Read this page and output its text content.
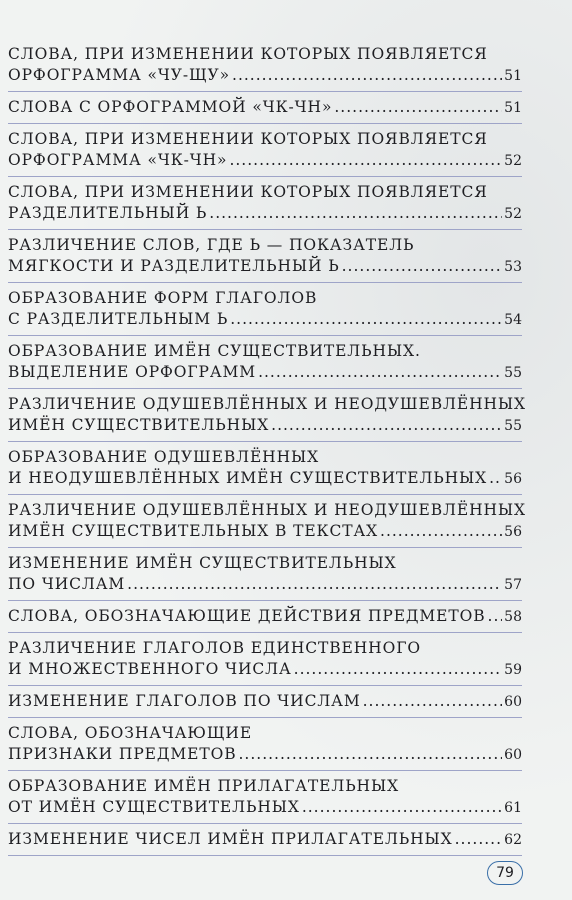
СЛОВА, ПРИ ИЗМЕНЕНИИ КОТОРЫХ ПОЯВЛЯЕТСЯ
ОРФОГРАММА «ЧУ-ЩУ» .....	51
СЛОВА С ОРФОГРАММОЙ «ЧК-ЧН» .....	51
СЛОВА, ПРИ ИЗМЕНЕНИИ КОТОРЫХ ПОЯВЛЯЕТСЯ
ОРФОГРАММА «ЧК-ЧН» .....	52
СЛОВА, ПРИ ИЗМЕНЕНИИ КОТОРЫХ ПОЯВЛЯЕТСЯ
РАЗДЕЛИТЕЛЬНЫЙ Ь .....	52
РАЗЛИЧЕНИЕ СЛОВ, ГДЕ Ь — ПОКАЗАТЕЛЬ
МЯГКОСТИ И РАЗДЕЛИТЕЛЬНЫЙ Ь .....	53
ОБРАЗОВАНИЕ ФОРМ ГЛАГОЛОВ
С РАЗДЕЛИТЕЛЬНЫМ Ь .....	54
ОБРАЗОВАНИЕ ИМЁН СУЩЕСТВИТЕЛЬНЫХ.
ВЫДЕЛЕНИЕ ОРФОГРАММ .....	55
РАЗЛИЧЕНИЕ ОДУШЕВЛЁННЫХ И НЕОДУШЕВЛЁННЫХ
ИМЁН СУЩЕСТВИТЕЛЬНЫХ .....	55
ОБРАЗОВАНИЕ ОДУШЕВЛЁННЫХ
И НЕОДУШЕВЛЁННЫХ ИМЁН СУЩЕСТВИТЕЛЬНЫХ ..... 56
РАЗЛИЧЕНИЕ ОДУШЕВЛЁННЫХ И НЕОДУШЕВЛЁННЫХ
ИМЁН СУЩЕСТВИТЕЛЬНЫХ В ТЕКСТАХ .....	56
ИЗМЕНЕНИЕ ИМЁН СУЩЕСТВИТЕЛЬНЫХ
ПО ЧИСЛАМ .....	57
СЛОВА, ОБОЗНАЧАЮЩИЕ ДЕЙСТВИЯ ПРЕДМЕТОВ ..... 58
РАЗЛИЧЕНИЕ ГЛАГОЛОВ ЕДИНСТВЕННОГО
И МНОЖЕСТВЕННОГО ЧИСЛА .....	59
ИЗМЕНЕНИЕ ГЛАГОЛОВ ПО ЧИСЛАМ .....	60
СЛОВА, ОБОЗНАЧАЮЩИЕ
ПРИЗНАКИ ПРЕДМЕТОВ .....	60
ОБРАЗОВАНИЕ ИМЁН ПРИЛАГАТЕЛЬНЫХ
ОТ ИМЁН СУЩЕСТВИТЕЛЬНЫХ .....	61
ИЗМЕНЕНИЕ ЧИСЕЛ ИМЁН ПРИЛАГАТЕЛЬНЫХ .....	62
79
